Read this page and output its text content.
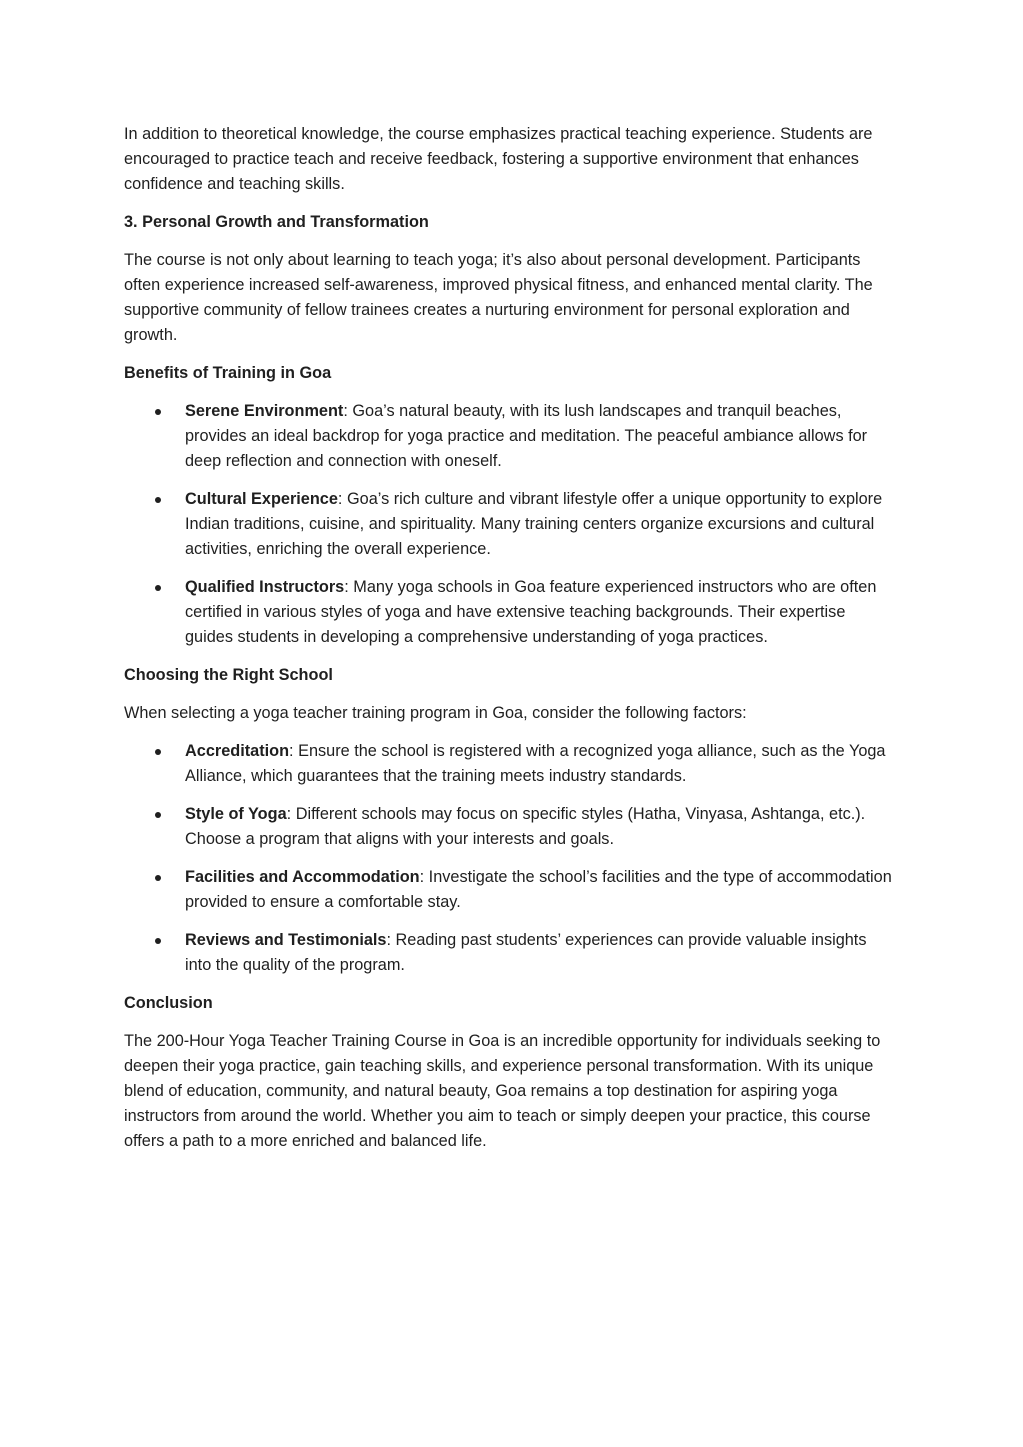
In addition to theoretical knowledge, the course emphasizes practical teaching experience. Students are encouraged to practice teach and receive feedback, fostering a supportive environment that enhances confidence and teaching skills.

3. Personal Growth and Transformation

The course is not only about learning to teach yoga; it’s also about personal development. Participants often experience increased self-awareness, improved physical fitness, and enhanced mental clarity. The supportive community of fellow trainees creates a nurturing environment for personal exploration and growth.

Benefits of Training in Goa

Serene Environment: Goa’s natural beauty, with its lush landscapes and tranquil beaches, provides an ideal backdrop for yoga practice and meditation. The peaceful ambiance allows for deep reflection and connection with oneself.
Cultural Experience: Goa’s rich culture and vibrant lifestyle offer a unique opportunity to explore Indian traditions, cuisine, and spirituality. Many training centers organize excursions and cultural activities, enriching the overall experience.
Qualified Instructors: Many yoga schools in Goa feature experienced instructors who are often certified in various styles of yoga and have extensive teaching backgrounds. Their expertise guides students in developing a comprehensive understanding of yoga practices.

Choosing the Right School

When selecting a yoga teacher training program in Goa, consider the following factors:

Accreditation: Ensure the school is registered with a recognized yoga alliance, such as the Yoga Alliance, which guarantees that the training meets industry standards.
Style of Yoga: Different schools may focus on specific styles (Hatha, Vinyasa, Ashtanga, etc.). Choose a program that aligns with your interests and goals.
Facilities and Accommodation: Investigate the school’s facilities and the type of accommodation provided to ensure a comfortable stay.
Reviews and Testimonials: Reading past students’ experiences can provide valuable insights into the quality of the program.

Conclusion

The 200-Hour Yoga Teacher Training Course in Goa is an incredible opportunity for individuals seeking to deepen their yoga practice, gain teaching skills, and experience personal transformation. With its unique blend of education, community, and natural beauty, Goa remains a top destination for aspiring yoga instructors from around the world. Whether you aim to teach or simply deepen your practice, this course offers a path to a more enriched and balanced life.
